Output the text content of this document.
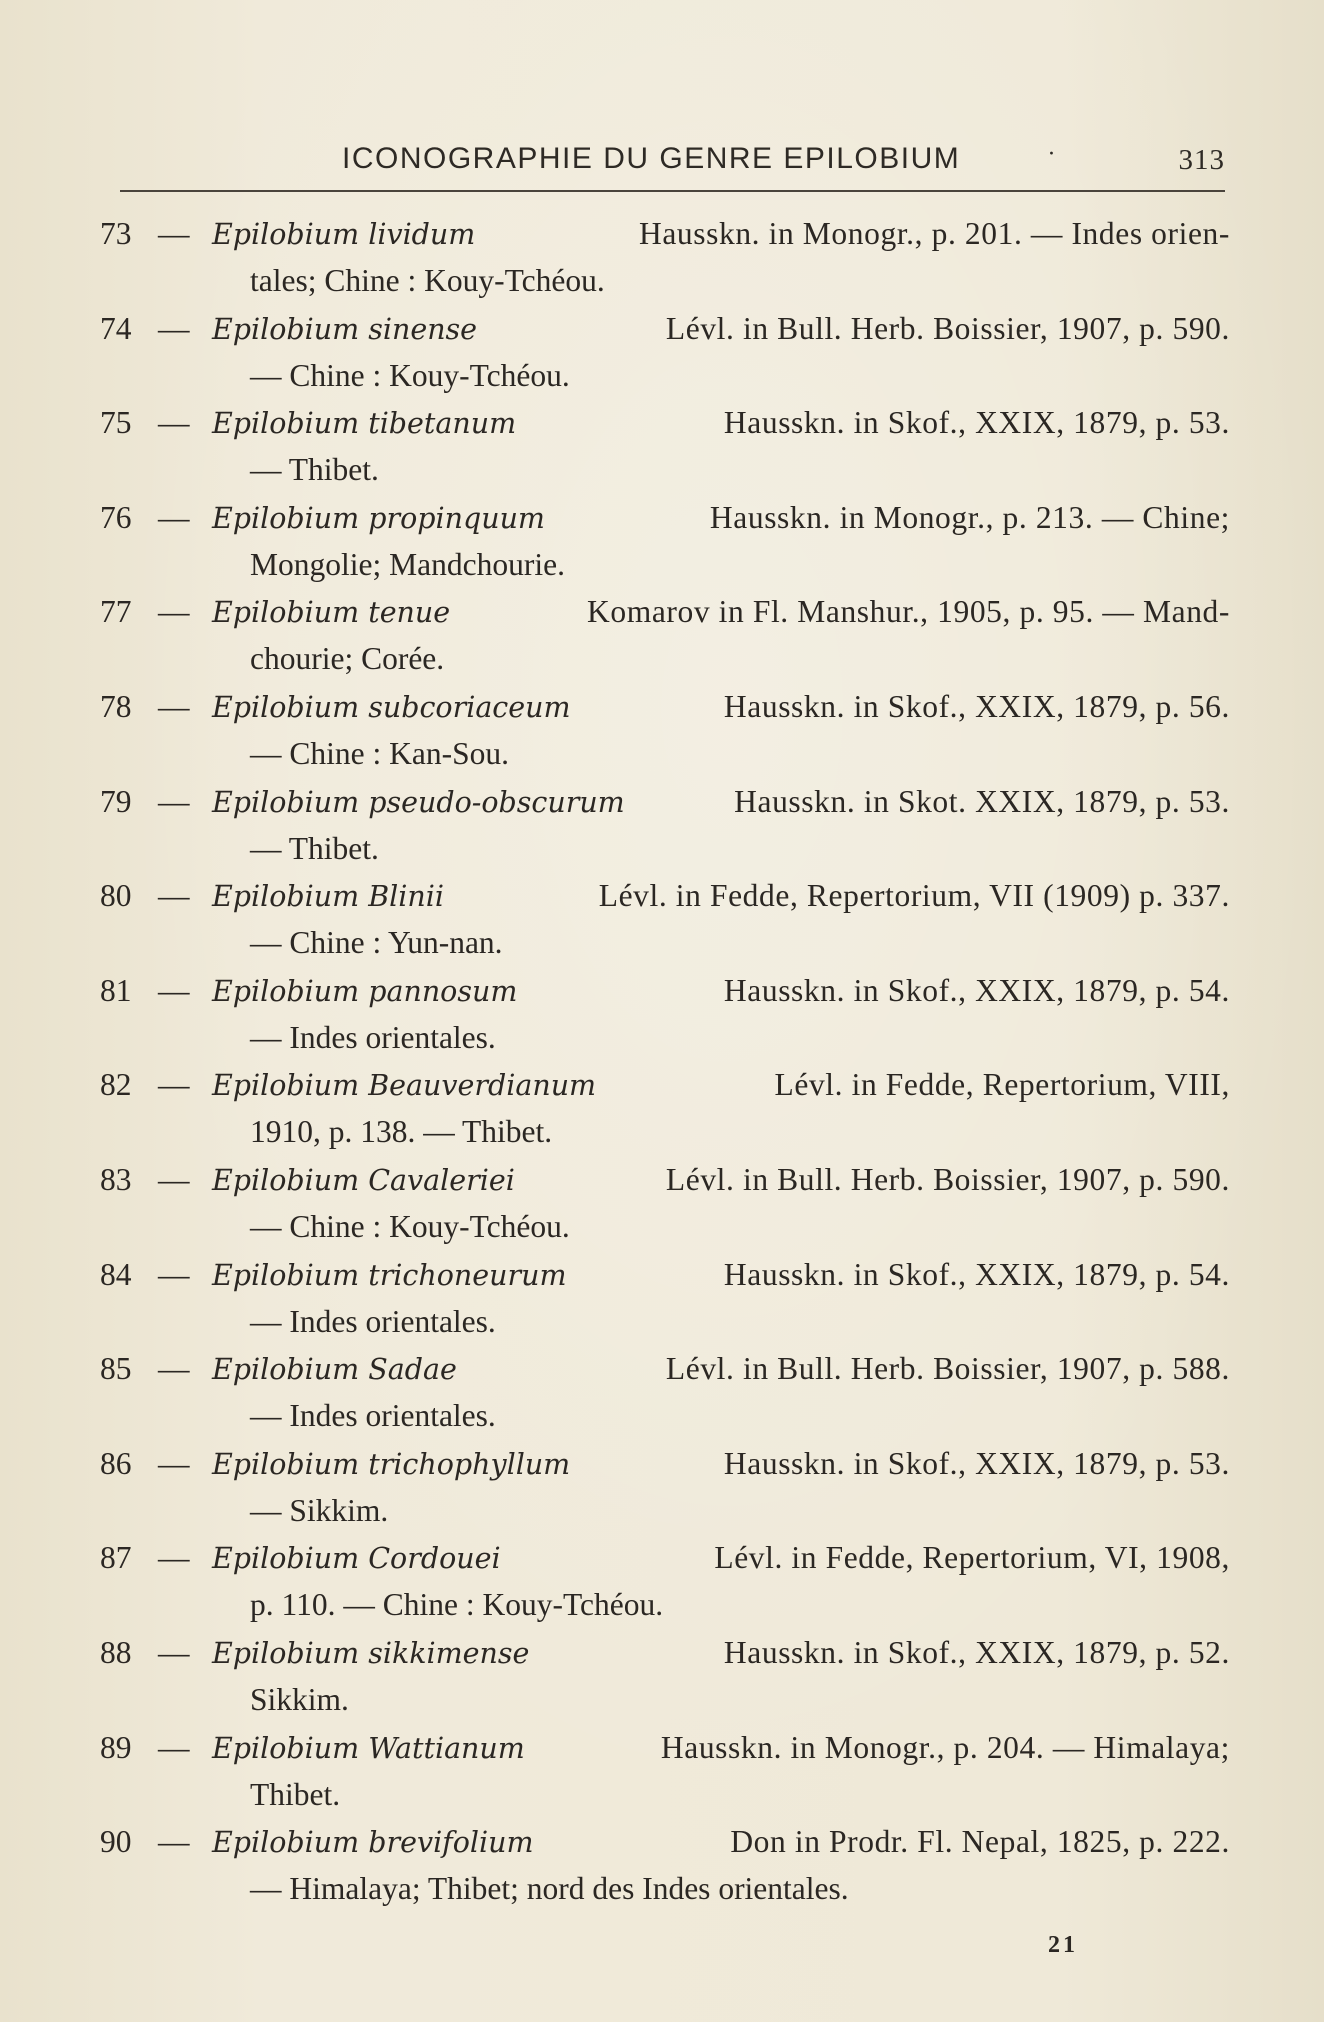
ICONOGRAPHIE DU GENRE EPILOBIUM	·	313
73 — Epilobium lividum	Hausskn. in Monogr., p. 201. — Indes orien-
tales; Chine : Kouy-Tchéou.
74 — Epilobium sinense	Lévl. in Bull. Herb. Boissier, 1907, p. 590.
— Chine : Kouy-Tchéou.
75 — Epilobium tibetanum	Hausskn. in Skof., XXIX, 1879, p. 53.
— Thibet.
76 — Epilobium propinquum	Hausskn. in Monogr., p. 213. — Chine;
Mongolie; Mandchourie.
77 — Epilobium tenue	Komarov in Fl. Manshur., 1905, p. 95. — Mand-
chourie; Corée.
78 — Epilobium subcoriaceum	Hausskn. in Skof., XXIX, 1879, p. 56.
— Chine : Kan-Sou.
79 — Epilobium pseudo-obscurum	Hausskn. in Skot. XXIX, 1879, p. 53.
— Thibet.
80 — Epilobium Blinii	Lévl. in Fedde, Repertorium, VII (1909) p. 337.
— Chine : Yun-nan.
81 — Epilobium pannosum	Hausskn. in Skof., XXIX, 1879, p. 54.
— Indes orientales.
82 — Epilobium Beauverdianum	Lévl. in Fedde, Repertorium, VIII,
1910, p. 138. — Thibet.
83 — Epilobium Cavaleriei	Lévl. in Bull. Herb. Boissier, 1907, p. 590.
— Chine : Kouy-Tchéou.
84 — Epilobium trichoneurum	Hausskn. in Skof., XXIX, 1879, p. 54.
— Indes orientales.
85 — Epilobium Sadae	Lévl. in Bull. Herb. Boissier, 1907, p. 588.
— Indes orientales.
86 — Epilobium trichophyllum	Hausskn. in Skof., XXIX, 1879, p. 53.
— Sikkim.
87 — Epilobium Cordouei	Lévl. in Fedde, Repertorium, VI, 1908,
p. 110. — Chine : Kouy-Tchéou.
88 — Epilobium sikkimense	Hausskn. in Skof., XXIX, 1879, p. 52.
Sikkim.
89 — Epilobium Wattianum	Hausskn. in Monogr., p. 204. — Himalaya;
Thibet.
90 — Epilobium brevifolium	Don in Prodr. Fl. Nepal, 1825, p. 222.
— Himalaya; Thibet; nord des Indes orientales.
21
